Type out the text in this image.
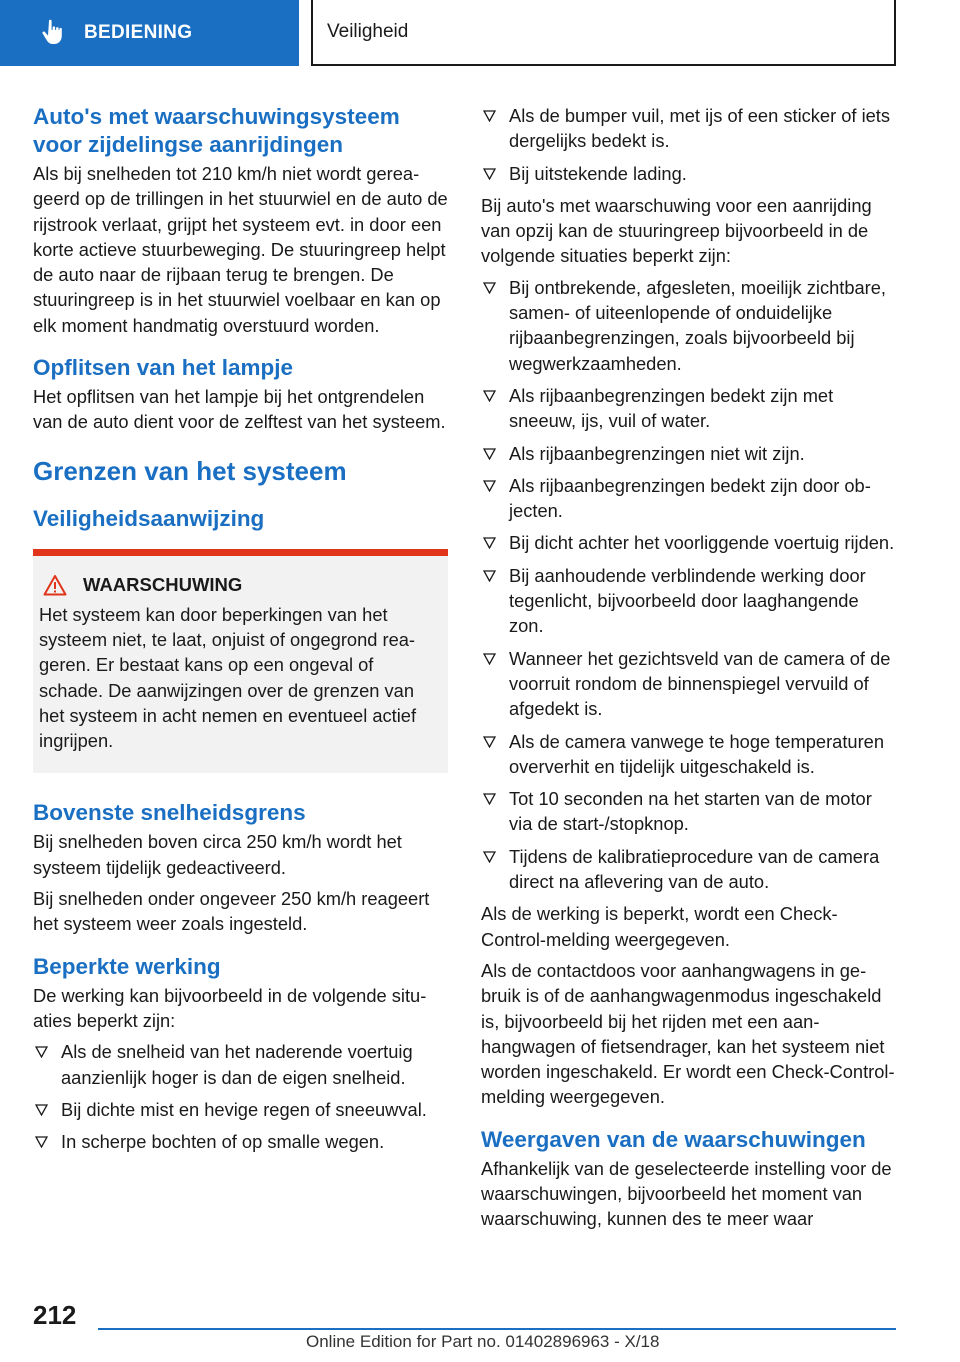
BEDIENING	Veiligheid
Auto's met waarschuwingsysteem voor zijdelingse aanrijdingen

Als bij snelheden tot 210 km/h niet wordt gereageerd op de trillingen in het stuurwiel en de auto de rijstrook verlaat, grijpt het systeem evt. in door een korte actieve stuurbeweging. De stuuringreep helpt de auto naar de rijbaan terug te brengen. De stuuringreep is in het stuurwiel voelbaar en kan op elk moment handmatig overstuurd worden.

Opflitsen van het lampje

Het opflitsen van het lampje bij het ontgrendelen van de auto dient voor de zelftest van het systeem.

Grenzen van het systeem
Veiligheidsaanwijzing
WAARSCHUWING

Het systeem kan door beperkingen van het systeem niet, te laat, onjuist of ongegrond reageren. Er bestaat kans op een ongeval of schade. De aanwijzingen over de grenzen van het systeem in acht nemen en eventueel actief ingrijpen.

Bovenste snelheidsgrens

Bij snelheden boven circa 250 km/h wordt het systeem tijdelijk gedeactiveerd.

Bij snelheden onder ongeveer 250 km/h reageert het systeem weer zoals ingesteld.

Beperkte werking

De werking kan bijvoorbeeld in de volgende situaties beperkt zijn:

Als de snelheid van het naderende voertuig aanzienlijk hoger is dan de eigen snelheid.
Bij dichte mist en hevige regen of sneeuwval.
In scherpe bochten of op smalle wegen.
Als de bumper vuil, met ijs of een sticker of iets dergelijks bedekt is.
Bij uitstekende lading.

Bij auto's met waarschuwing voor een aanrijding van opzij kan de stuuringreep bijvoorbeeld in de volgende situaties beperkt zijn:

Bij ontbrekende, afgesleten, moeilijk zichtbare, samen- of uiteenlopende of onduidelijke rijbaanbegrenzingen, zoals bijvoorbeeld bij wegwerkzaamheden.
Als rijbaanbegrenzingen bedekt zijn met sneeuw, ijs, vuil of water.
Als rijbaanbegrenzingen niet wit zijn.
Als rijbaanbegrenzingen bedekt zijn door objecten.
Bij dicht achter het voorliggende voertuig rijden.
Bij aanhoudende verblindende werking door tegenlicht, bijvoorbeeld door laaghangende zon.
Wanneer het gezichtsveld van de camera of de voorruit rondom de binnenspiegel vervuild of afgedekt is.
Als de camera vanwege te hoge temperaturen oververhit en tijdelijk uitgeschakeld is.
Tot 10 seconden na het starten van de motor via de start-/stopknop.
Tijdens de kalibratieprocedure van de camera direct na aflevering van de auto.

Als de werking is beperkt, wordt een Check-Control-melding weergegeven.

Als de contactdoos voor aanhangwagens in gebruik is of de aanhangwagenmodus ingeschakeld is, bijvoorbeeld bij het rijden met een aanhangwagen of fietsendrager, kan het systeem niet worden ingeschakeld. Er wordt een Check-Control-melding weergegeven.

Weergaven van de waarschuwingen

Afhankelijk van de geselecteerde instelling voor de waarschuwingen, bijvoorbeeld het moment van waarschuwing, kunnen des te meer waar

212
Online Edition for Part no. 01402896963 - X/18
